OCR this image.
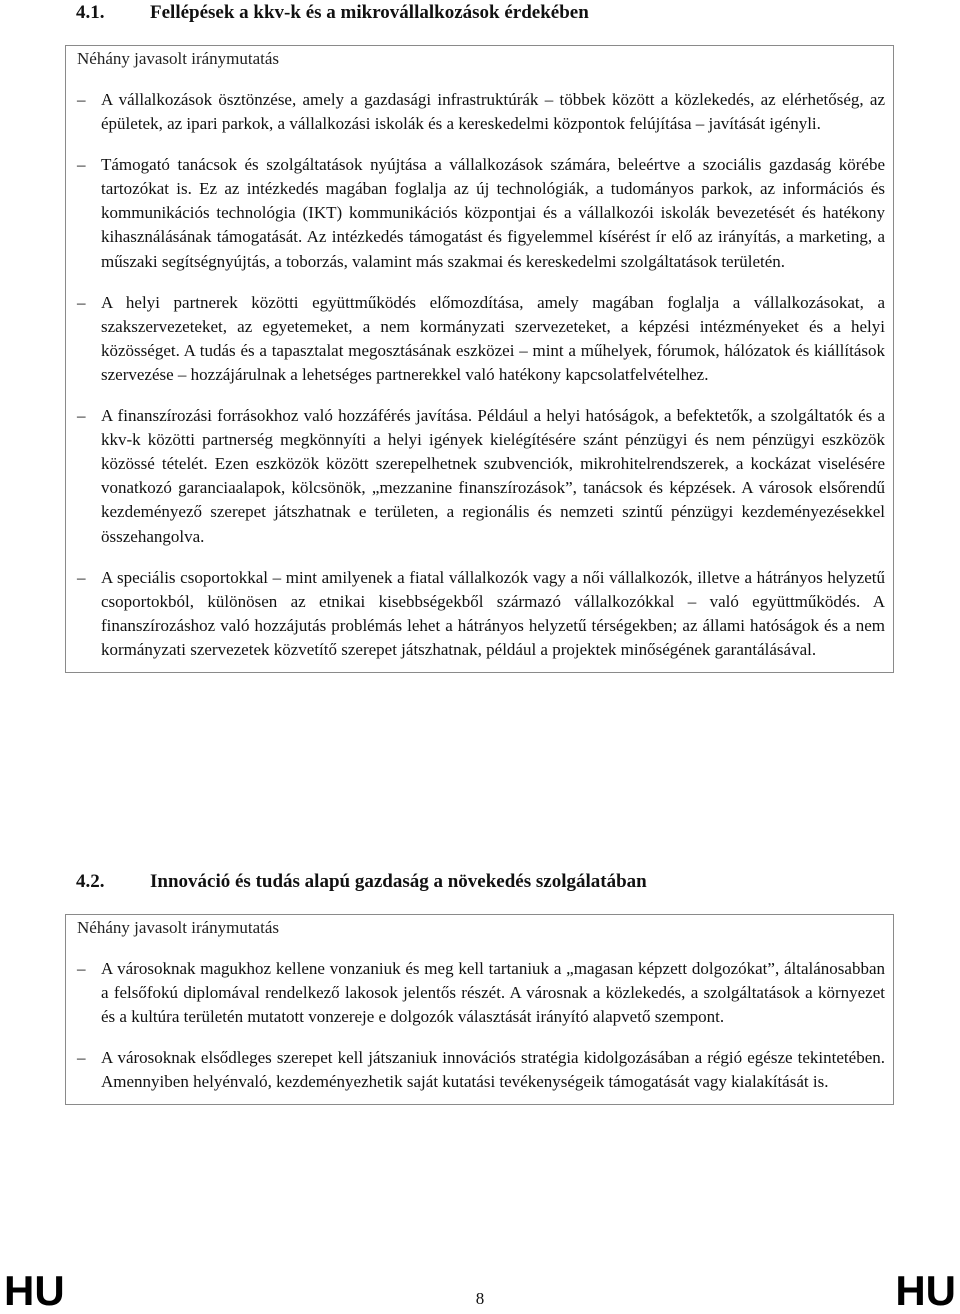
4.1. Fellépések a kkv-k és a mikrovállalkozások érdekében
Néhány javasolt iránymutatás
– A vállalkozások ösztönzése, amely a gazdasági infrastruktúrák – többek között a közlekedés, az elérhetőség, az épületek, az ipari parkok, a vállalkozási iskolák és a kereskedelmi központok felújítása – javítását igényli.
– Támogató tanácsok és szolgáltatások nyújtása a vállalkozások számára, beleértve a szociális gazdaság körébe tartozókat is. Ez az intézkedés magában foglalja az új technológiák, a tudományos parkok, az információs és kommunikációs technológia (IKT) kommunikációs központjai és a vállalkozói iskolák bevezetését és hatékony kihasználásának támogatását. Az intézkedés támogatást és figyelemmel kísérést ír elő az irányítás, a marketing, a műszaki segítségnyújtás, a toborzás, valamint más szakmai és kereskedelmi szolgáltatások területén.
– A helyi partnerek közötti együttműködés előmozdítása, amely magában foglalja a vállalkozásokat, a szakszervezeteket, az egyetemeket, a nem kormányzati szervezeteket, a képzési intézményeket és a helyi közösséget. A tudás és a tapasztalat megosztásának eszközei – mint a műhelyek, fórumok, hálózatok és kiállítások szervezése – hozzájárulnak a lehetséges partnerekkel való hatékony kapcsolatfelvételhez.
– A finanszírozási forrásokhoz való hozzáférés javítása. Például a helyi hatóságok, a befektetők, a szolgáltatók és a kkv-k közötti partnerség megkönnyíti a helyi igények kielégítésére szánt pénzügyi és nem pénzügyi eszközök közössé tételét. Ezen eszközök között szerepelhetnek szubvenciók, mikrohitelrendszerek, a kockázat viselésére vonatkozó garanciaalapok, kölcsönök, „mezzanine finanszírozások”, tanácsok és képzések. A városok elsőrendű kezdeményező szerepet játszhatnak e területen, a regionális és nemzeti szintű pénzügyi kezdeményezésekkel összehangolva.
– A speciális csoportokkal – mint amilyenek a fiatal vállalkozók vagy a női vállalkozók, illetve a hátrányos helyzetű csoportokból, különösen az etnikai kisebbségekből származó vállalkozókkal – való együttműködés. A finanszírozáshoz való hozzájutás problémás lehet a hátrányos helyzetű térségekben; az állami hatóságok és a nem kormányzati szervezetek közvetítő szerepet játszhatnak, például a projektek minőségének garantálásával.
4.2. Innováció és tudás alapú gazdaság a növekedés szolgálatában
Néhány javasolt iránymutatás
– A városoknak magukhoz kellene vonzaniuk és meg kell tartaniuk a „magasan képzett dolgozókat”, általánosabban a felsőfokú diplomával rendelkező lakosok jelentős részét. A városnak a közlekedés, a szolgáltatások a környezet és a kultúra területén mutatott vonzereje e dolgozók választását irányító alapvető szempont.
– A városoknak elsődleges szerepet kell játszaniuk innovációs stratégia kidolgozásában a régió egésze tekintetében. Amennyiben helyénvaló, kezdeményezhetik saját kutatási tevékenységeik támogatását vagy kialakítását is.
HU	8	HU
